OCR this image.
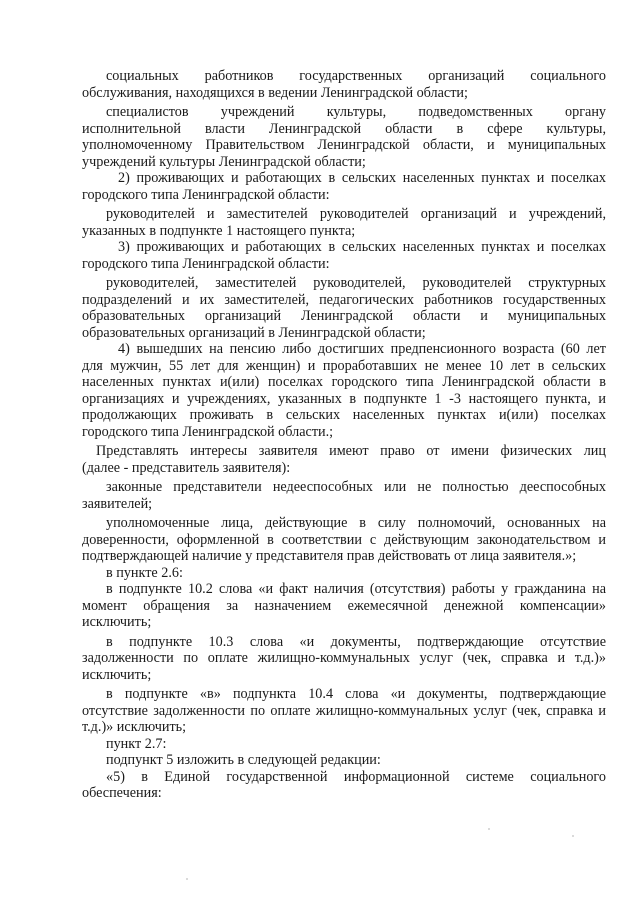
социальных работников государственных организаций социального
обслуживания, находящихся в ведении Ленинградской области;
специалистов учреждений культуры, подведомственных органу
исполнительной власти Ленинградской области в сфере культуры,
уполномоченному Правительством Ленинградской области, и муниципальных
учреждений культуры Ленинградской области;
2) проживающих и работающих в сельских населенных пунктах и поселках
городского типа Ленинградской области:
руководителей и заместителей руководителей организаций и учреждений,
указанных в подпункте 1 настоящего пункта;
3) проживающих и работающих в сельских населенных пунктах и поселках
городского типа Ленинградской области:
руководителей, заместителей руководителей, руководителей структурных
подразделений и их заместителей, педагогических работников государственных
образовательных организаций Ленинградской области и муниципальных
образовательных организаций в Ленинградской области;
4) вышедших на пенсию либо достигших предпенсионного возраста (60 лет
для мужчин, 55 лет для женщин) и проработавших не менее 10 лет в сельских
населенных пунктах и(или) поселках городского типа Ленинградской области в
организациях и учреждениях, указанных в подпункте 1 -3 настоящего пункта, и
продолжающих проживать в сельских населенных пунктах и(или) поселках
городского типа Ленинградской области.;
Представлять интересы заявителя имеют право от имени физических лиц
(далее - представитель заявителя):
законные представители недееспособных или не полностью дееспособных
заявителей;
уполномоченные лица, действующие в силу полномочий, основанных на
доверенности, оформленной в соответствии с действующим законодательством и
подтверждающей наличие у представителя прав действовать от лица заявителя.»;
в пункте 2.6:
в подпункте 10.2 слова «и факт наличия (отсутствия) работы у гражданина на
момент обращения за назначением ежемесячной денежной компенсации»
исключить;
в подпункте 10.3 слова «и документы, подтверждающие отсутствие
задолженности по оплате жилищно-коммунальных услуг (чек, справка и т.д.)»
исключить;
в подпункте «в» подпункта 10.4 слова «и документы, подтверждающие
отсутствие задолженности по оплате жилищно-коммунальных услуг (чек, справка и
т.д.)» исключить;
пункт 2.7:
подпункт 5 изложить в следующей редакции:
«5) в Единой государственной информационной системе социального
обеспечения:
